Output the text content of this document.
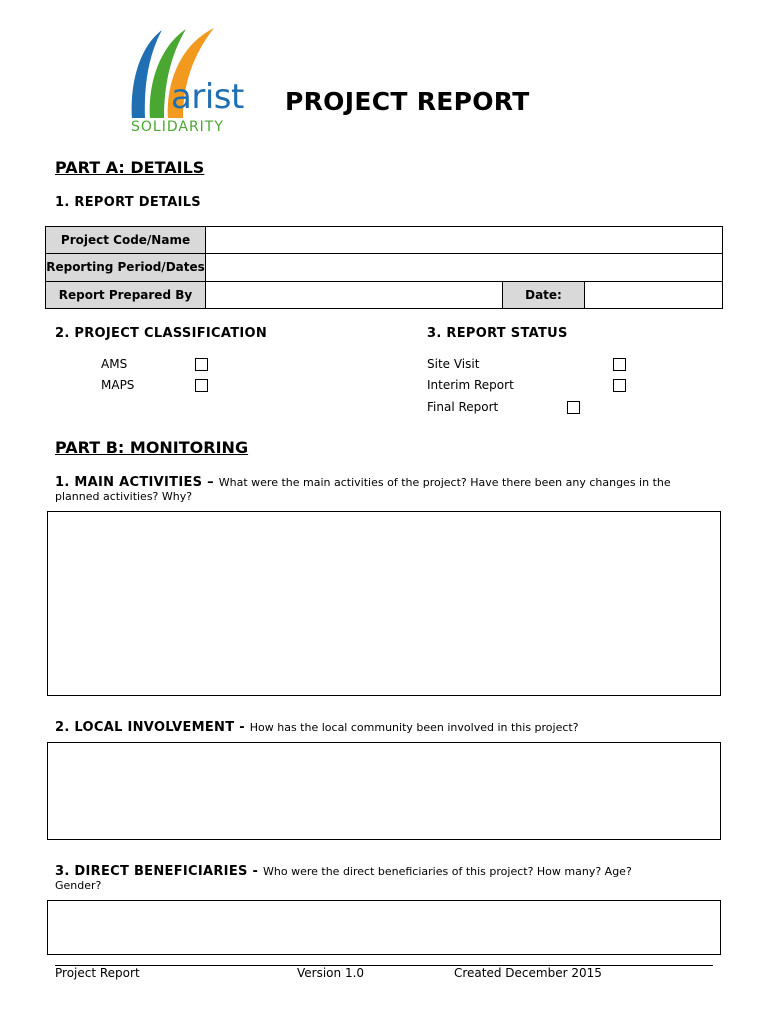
arist
SOLIDARITY
PROJECT REPORT
PART A: DETAILS
1. REPORT DETAILS
Project Code/Name			
Reporting Period/Dates			
Report Prepared By		Date:	
2. PROJECT CLASSIFICATION
AMS
MAPS
3. REPORT STATUS
Site Visit
Interim Report
Final Report
PART B: MONITORING
1. MAIN ACTIVITIES – What were the main activities of the project? Have there been any changes in the
planned activities? Why?
2. LOCAL INVOLVEMENT - How has the local community been involved in this project?
3. DIRECT BENEFICIARIES - Who were the direct beneficiaries of this project? How many? Age?
Gender?
Project Report	Version 1.0	Created December 2015
